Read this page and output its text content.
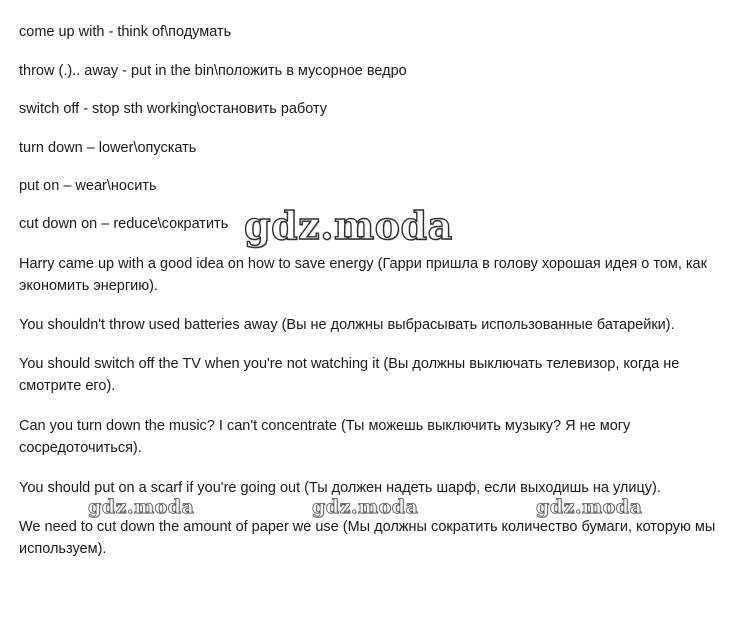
come up with - think of\подумать
throw (.).. away - put in the bin\положить в мусорное ведро
switch off - stop sth working\остановить работу
turn down – lower\опускать
put on – wear\носить
cut down on – reduce\сократить
Harry came up with a good idea on how to save energy (Гарри пришла в голову хорошая идея о том, как экономить энергию).
You shouldn't throw used batteries away (Вы не должны выбрасывать использованные батарейки).
You should switch off the TV when you're not watching it (Вы должны выключать телевизор, когда не смотрите его).
Can you turn down the music? I can't concentrate (Ты можешь выключить музыку? Я не могу сосредоточиться).
You should put on a scarf if you're going out (Ты должен надеть шарф, если выходишь на улицу).
We need to cut down the amount of paper we use (Мы должны сократить количество бумаги, которую мы используем).
gdz.moda
gdz.moda	gdz.moda	gdz.moda
